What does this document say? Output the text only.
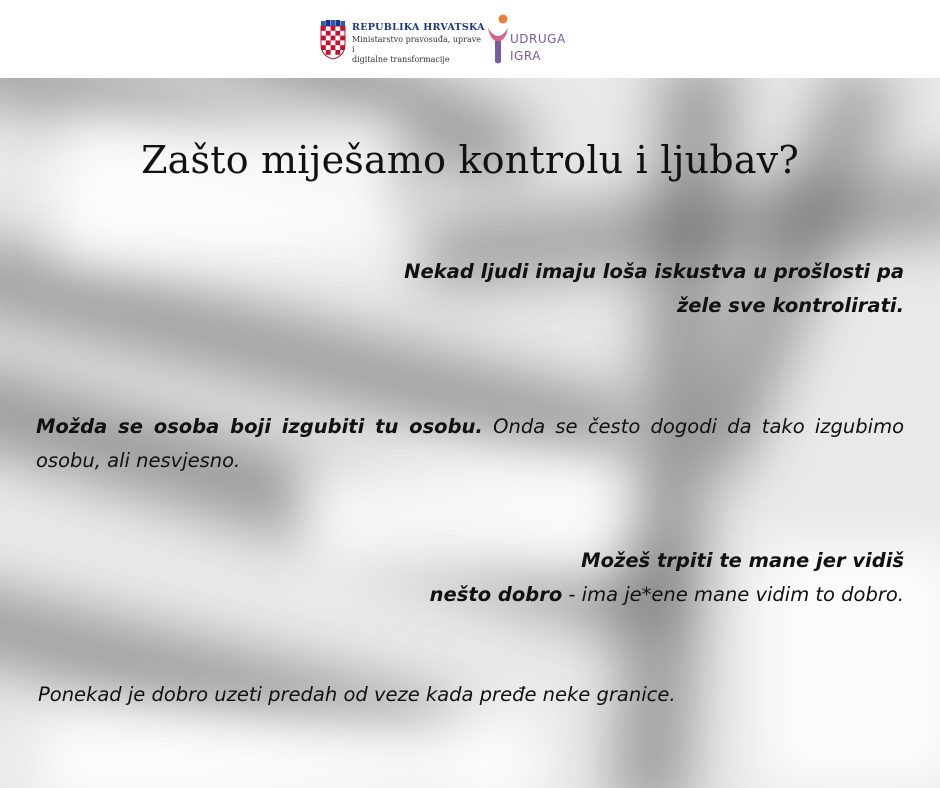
REPUBLIKA HRVATSKA
Ministarstvo pravosuđa, uprave i
digitalne transformacije
UDRUGA
IGRA
Zašto miješamo kontrolu i ljubav?
Nekad ljudi imaju loša iskustva u prošlosti pa
žele sve kontrolirati.
Možda se osoba boji izgubiti tu osobu. Onda se često dogodi da tako izgubimo osobu, ali nesvjesno.
Možeš trpiti te mane jer vidiš
nešto dobro - ima je*ene mane vidim to dobro.
Ponekad je dobro uzeti predah od veze kada pređe neke granice.
